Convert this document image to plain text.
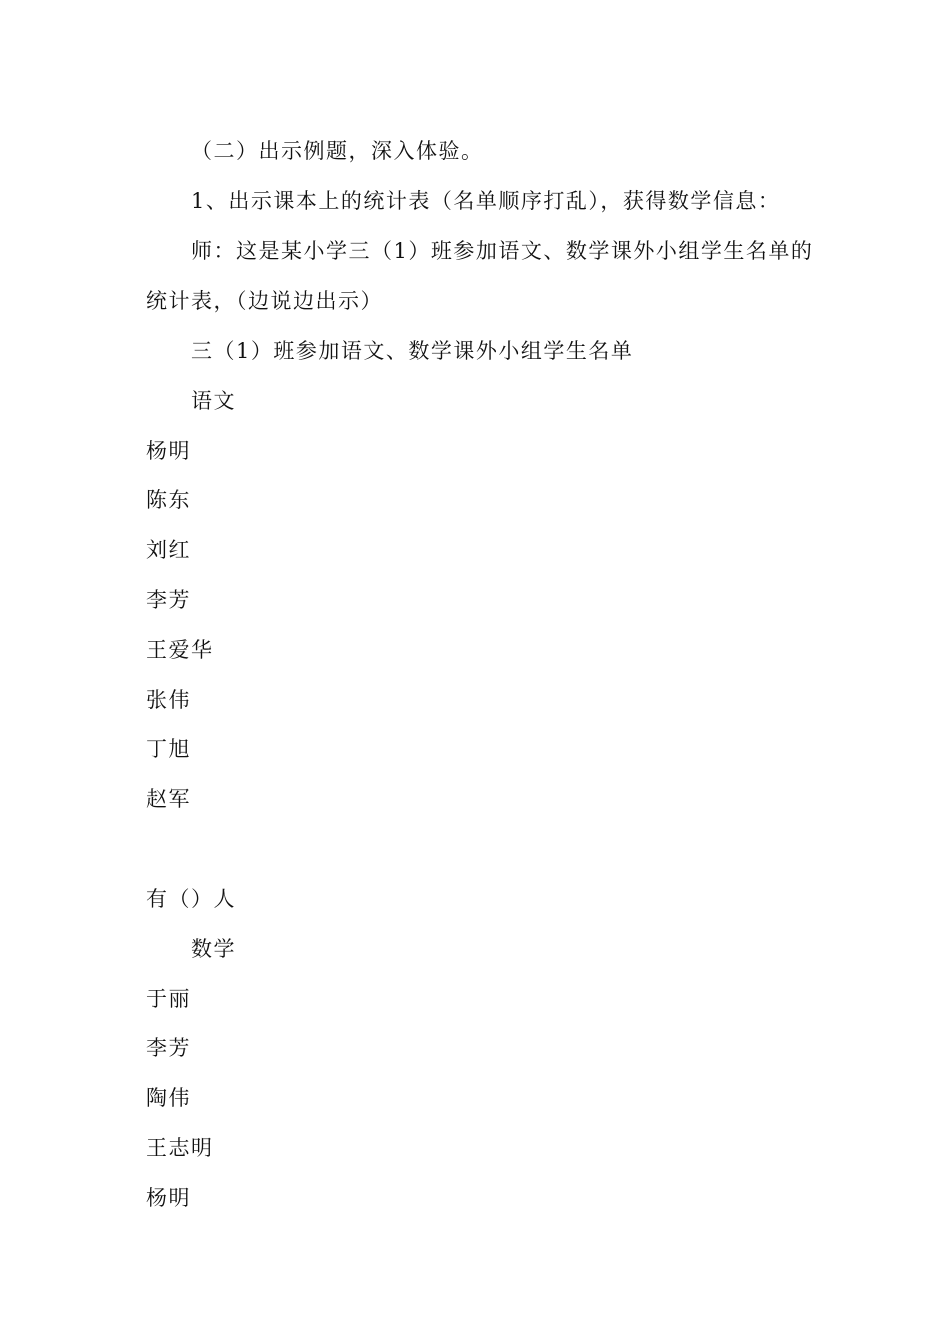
（二）出示例题，深入体验。
1、出示课本上的统计表（名单顺序打乱），获得数学信息：
师：这是某小学三（1）班参加语文、数学课外小组学生名单的
统计表，（边说边出示）
三（1）班参加语文、数学课外小组学生名单
语文
杨明
陈东
刘红
李芳
王爱华
张伟
丁旭
赵军
有（）人
数学
于丽
李芳
陶伟
王志明
杨明
